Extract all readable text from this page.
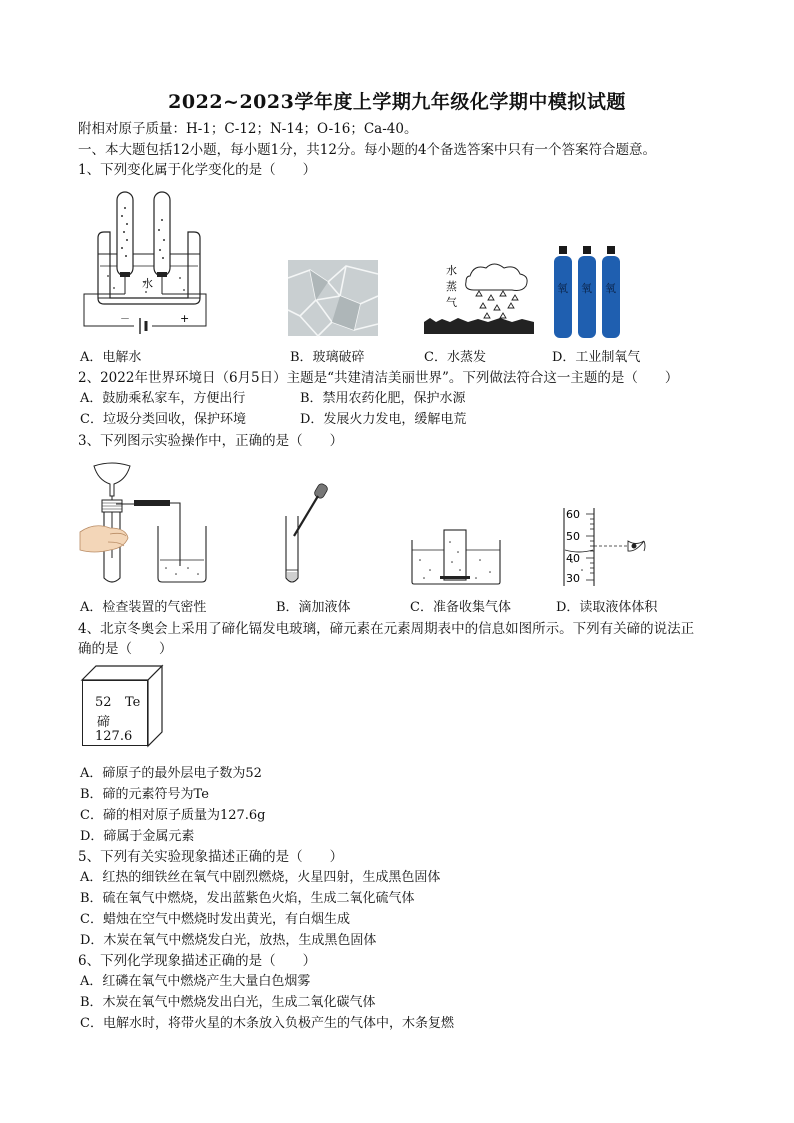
2022~2023学年度上学期九年级化学期中模拟试题
附相对原子质量：H-1；C-12；N-14；O-16；Ca-40。
一、本大题包括12小题，每小题1分，共12分。每小题的4个备选答案中只有一个答案符合题意。
1、下列变化属于化学变化的是（　　）
水
－	+
水
蒸
气
氧 氧 氧
A．电解水	B．玻璃破碎	C．水蒸发	D．工业制氧气
2、2022年世界环境日（6月5日）主题是“共建清洁美丽世界”。下列做法符合这一主题的是（　　）
A．鼓励乘私家车，方便出行	B．禁用农药化肥，保护水源
C．垃圾分类回收，保护环境	D．发展火力发电，缓解电荒
3、下列图示实验操作中，正确的是（　　）
60
50
40
30
A．检查装置的气密性	B．滴加液体	C．准备收集气体	D．读取液体体积
4、北京冬奥会上采用了碲化镉发电玻璃，碲元素在元素周期表中的信息如图所示。下列有关碲的说法正
确的是（　　）
52 Te
碲
127.6
A．碲原子的最外层电子数为52
B．碲的元素符号为Te
C．碲的相对原子质量为127.6g
D．碲属于金属元素
5、下列有关实验现象描述正确的是（　　）
A．红热的细铁丝在氧气中剧烈燃烧，火星四射，生成黑色固体
B．硫在氧气中燃烧，发出蓝紫色火焰，生成二氧化硫气体
C．蜡烛在空气中燃烧时发出黄光，有白烟生成
D．木炭在氧气中燃烧发白光，放热，生成黑色固体
6、下列化学现象描述正确的是（　　）
A．红磷在氧气中燃烧产生大量白色烟雾
B．木炭在氧气中燃烧发出白光，生成二氧化碳气体
C．电解水时，将带火星的木条放入负极产生的气体中，木条复燃
